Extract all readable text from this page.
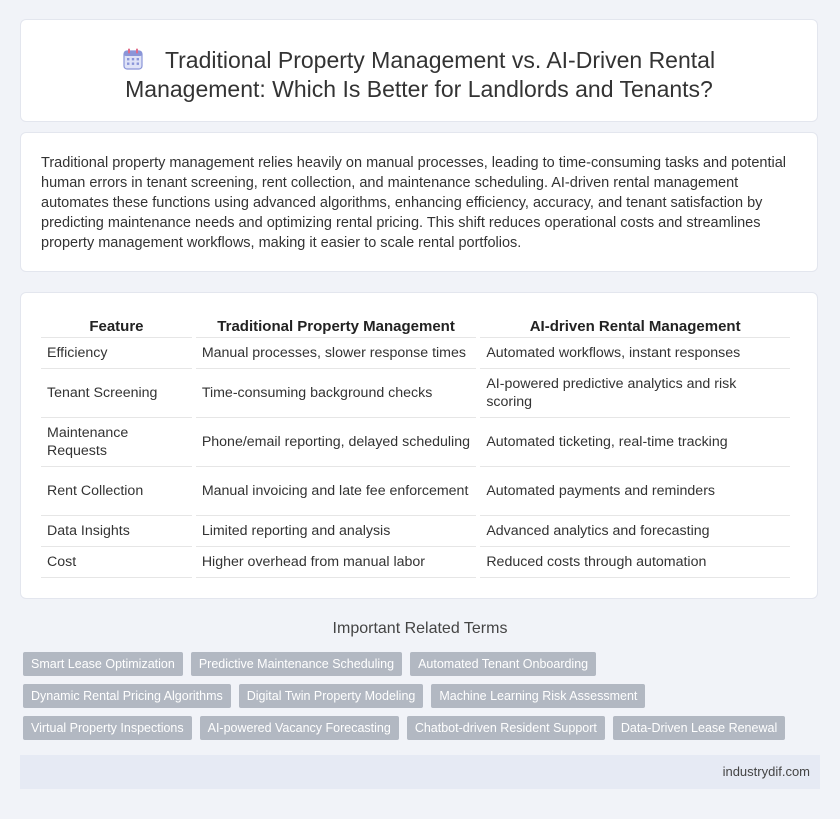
Traditional Property Management vs. AI-Driven Rental
Management: Which Is Better for Landlords and Tenants?
Traditional property management relies heavily on manual processes, leading to time-consuming tasks and potential human errors in tenant screening, rent collection, and maintenance scheduling. AI-driven rental management automates these functions using advanced algorithms, enhancing efficiency, accuracy, and tenant satisfaction by predicting maintenance needs and optimizing rental pricing. This shift reduces operational costs and streamlines property management workflows, making it easier to scale rental portfolios.
Feature	Traditional Property Management	AI-driven Rental Management
Efficiency	Manual processes, slower response times	Automated workflows, instant responses
Tenant Screening	Time-consuming background checks	AI-powered predictive analytics and risk scoring
Maintenance Requests	Phone/email reporting, delayed scheduling	Automated ticketing, real-time tracking
Rent Collection	Manual invoicing and late fee enforcement	Automated payments and reminders
Data Insights	Limited reporting and analysis	Advanced analytics and forecasting
Cost	Higher overhead from manual labor	Reduced costs through automation
Important Related Terms
Smart Lease Optimization	Predictive Maintenance Scheduling	Automated Tenant Onboarding
Dynamic Rental Pricing Algorithms	Digital Twin Property Modeling	Machine Learning Risk Assessment
Virtual Property Inspections	AI-powered Vacancy Forecasting	Chatbot-driven Resident Support	Data-Driven Lease Renewal
industrydif.com
